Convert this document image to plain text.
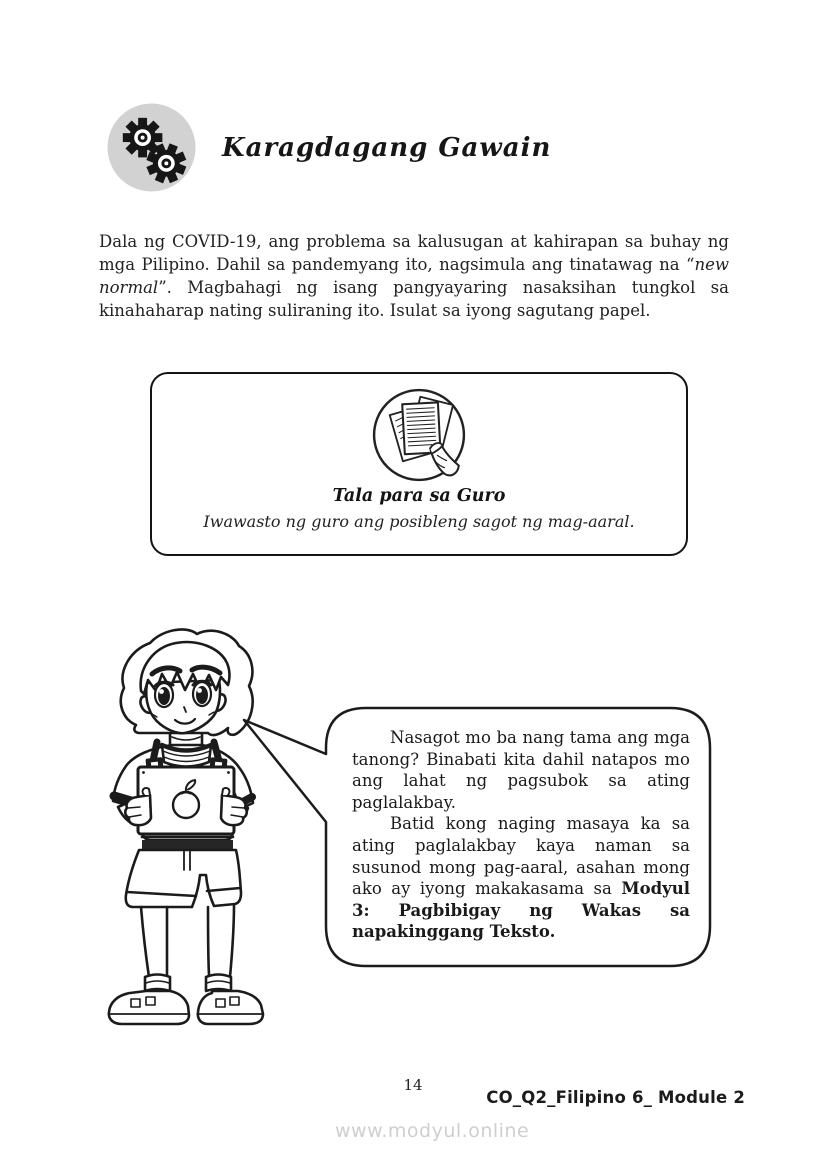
Karagdagang Gawain

Dala ng COVID-19, ang problema sa kalusugan at kahirapan sa buhay ng mga Pilipino. Dahil sa pandemyang ito, nagsimula ang tinatawag na “new normal”. Magbahagi ng isang pangyayaring nasaksihan tungkol sa kinahaharap nating suliraning ito. Isulat sa iyong sagutang papel.

Tala para sa Guro

Iwawasto ng guro ang posibleng sagot ng mag-aaral.

Nasagot mo ba nang tama ang mga tanong? Binabati kita dahil natapos mo ang lahat ng pagsubok sa ating paglalakbay.

Batid kong naging masaya ka sa ating paglalakbay kaya naman sa susunod mong pag-aaral, asahan mong ako ay iyong makakasama sa Modyul 3: Pagbibigay ng Wakas sa napakinggang Teksto.

14
CO_Q2_Filipino 6_ Module 2
www.modyul.online
